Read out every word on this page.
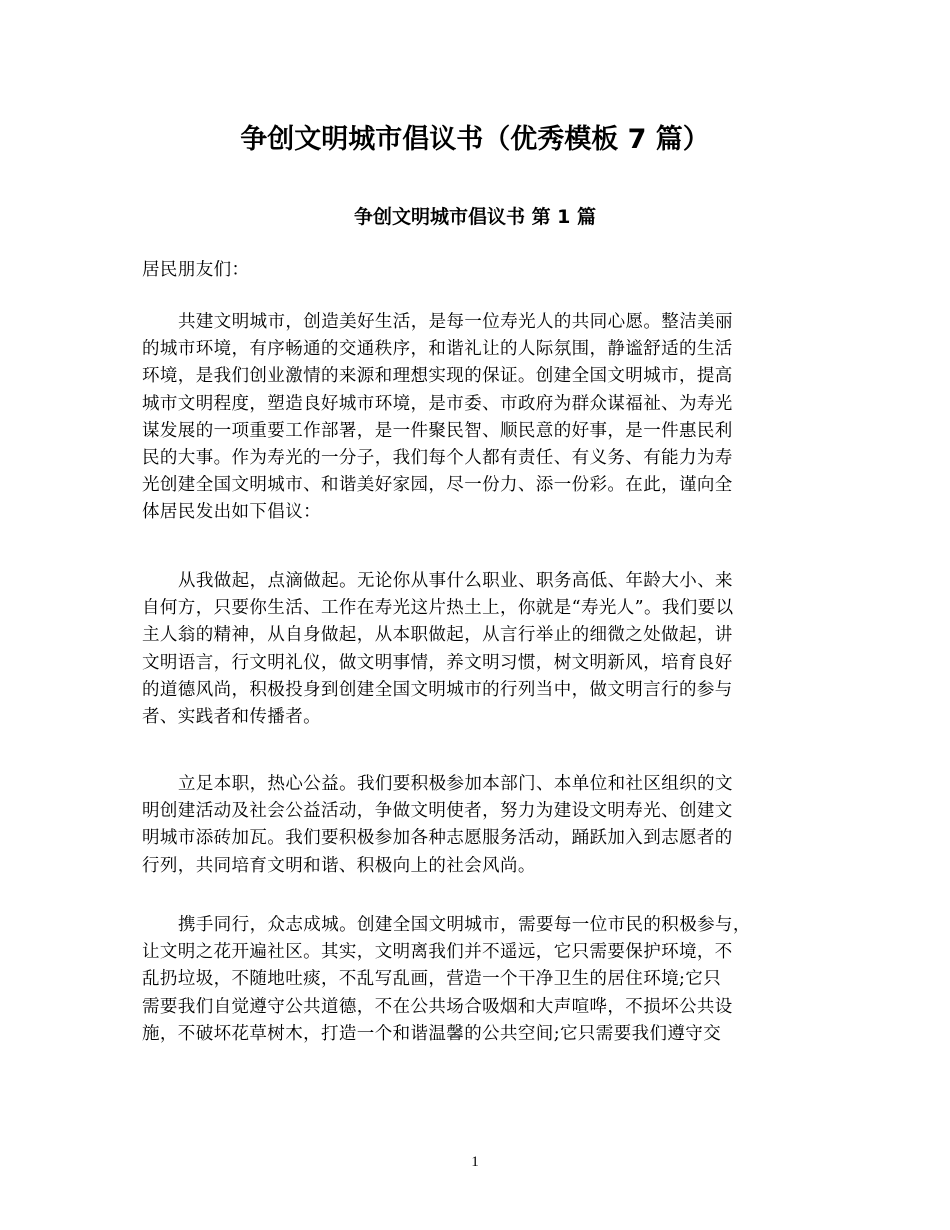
争创文明城市倡议书（优秀模板 7 篇）
争创文明城市倡议书 第 1 篇

居民朋友们：

共建文明城市，创造美好生活，是每一位寿光人的共同心愿。整洁美丽
的城市环境，有序畅通的交通秩序，和谐礼让的人际氛围，静谧舒适的生活
环境，是我们创业激情的来源和理想实现的保证。创建全国文明城市，提高
城市文明程度，塑造良好城市环境，是市委、市政府为群众谋福祉、为寿光
谋发展的一项重要工作部署，是一件聚民智、顺民意的好事，是一件惠民利
民的大事。作为寿光的一分子，我们每个人都有责任、有义务、有能力为寿
光创建全国文明城市、和谐美好家园，尽一份力、添一份彩。在此，谨向全
体居民发出如下倡议：

从我做起，点滴做起。无论你从事什么职业、职务高低、年龄大小、来
自何方，只要你生活、工作在寿光这片热土上，你就是“寿光人”。我们要以
主人翁的精神，从自身做起，从本职做起，从言行举止的细微之处做起，讲
文明语言，行文明礼仪，做文明事情，养文明习惯，树文明新风，培育良好
的道德风尚，积极投身到创建全国文明城市的行列当中，做文明言行的参与
者、实践者和传播者。

立足本职，热心公益。我们要积极参加本部门、本单位和社区组织的文
明创建活动及社会公益活动，争做文明使者，努力为建设文明寿光、创建文
明城市添砖加瓦。我们要积极参加各种志愿服务活动，踊跃加入到志愿者的
行列，共同培育文明和谐、积极向上的社会风尚。

携手同行，众志成城。创建全国文明城市，需要每一位市民的积极参与，
让文明之花开遍社区。其实，文明离我们并不遥远，它只需要保护环境，不
乱扔垃圾，不随地吐痰，不乱写乱画，营造一个干净卫生的居住环境;它只
需要我们自觉遵守公共道德，不在公共场合吸烟和大声喧哗，不损坏公共设
施，不破坏花草树木，打造一个和谐温馨的公共空间;它只需要我们遵守交

1
